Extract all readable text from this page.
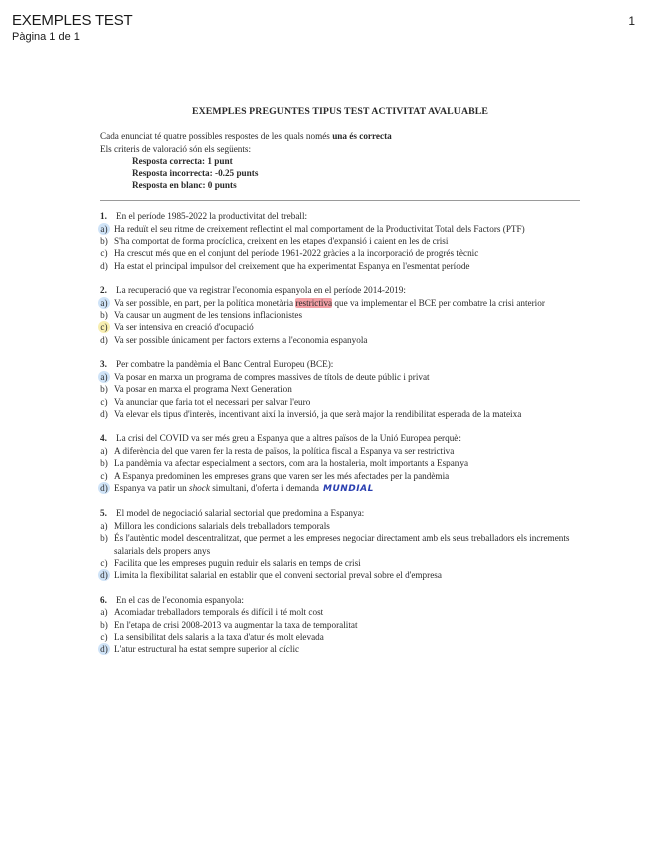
EXEMPLES TEST
Pàgina 1 de 1
1
EXEMPLES PREGUNTES TIPUS TEST ACTIVITAT AVALUABLE

Cada enunciat té quatre possibles respostes de les quals només una és correcta

Els criteris de valoració són els següents:

Resposta correcta: 1 punt
Resposta incorrecta: -0.25 punts
Resposta en blanc: 0 punts
1. En el període 1985-2022 la productivitat del treball:
a) Ha reduït el seu ritme de creixement reflectint el mal comportament de la Productivitat Total dels Factors (PTF)
b) S'ha comportat de forma procíclica, creixent en les etapes d'expansió i caient en les de crisi
c) Ha crescut més que en el conjunt del període 1961-2022 gràcies a la incorporació de progrés tècnic
d) Ha estat el principal impulsor del creixement que ha experimentat Espanya en l'esmentat període
2. La recuperació que va registrar l'economia espanyola en el període 2014-2019:
a) Va ser possible, en part, per la política monetària restrictiva que va implementar el BCE per combatre la crisi anterior
b) Va causar un augment de les tensions inflacionistes
c) Va ser intensiva en creació d'ocupació
d) Va ser possible únicament per factors externs a l'economia espanyola
3. Per combatre la pandèmia el Banc Central Europeu (BCE):
a) Va posar en marxa un programa de compres massives de títols de deute públic i privat
b) Va posar en marxa el programa Next Generation
c) Va anunciar que faria tot el necessari per salvar l'euro
d) Va elevar els tipus d'interès, incentivant així la inversió, ja que serà major la rendibilitat esperada de la mateixa
4. La crisi del COVID va ser més greu a Espanya que a altres països de la Unió Europea perquè:
a) A diferència del que varen fer la resta de països, la política fiscal a Espanya va ser restrictiva
b) La pandèmia va afectar especialment a sectors, com ara la hostaleria, molt importants a Espanya
c) A Espanya predominen les empreses grans que varen ser les més afectades per la pandèmia
d) Espanya va patir un shock simultani, d'oferta i demanda MUNDIAL
5. El model de negociació salarial sectorial que predomina a Espanya:
a) Millora les condicions salarials dels treballadors temporals
b) És l'autèntic model descentralitzat, que permet a les empreses negociar directament amb els seus treballadors els increments salarials dels propers anys
c) Facilita que les empreses puguin reduir els salaris en temps de crisi
d) Limita la flexibilitat salarial en establir que el conveni sectorial preval sobre el d'empresa
6. En el cas de l'economia espanyola:
a) Acomiadar treballadors temporals és difícil i té molt cost
b) En l'etapa de crisi 2008-2013 va augmentar la taxa de temporalitat
c) La sensibilitat dels salaris a la taxa d'atur és molt elevada
d) L'atur estructural ha estat sempre superior al cíclic
